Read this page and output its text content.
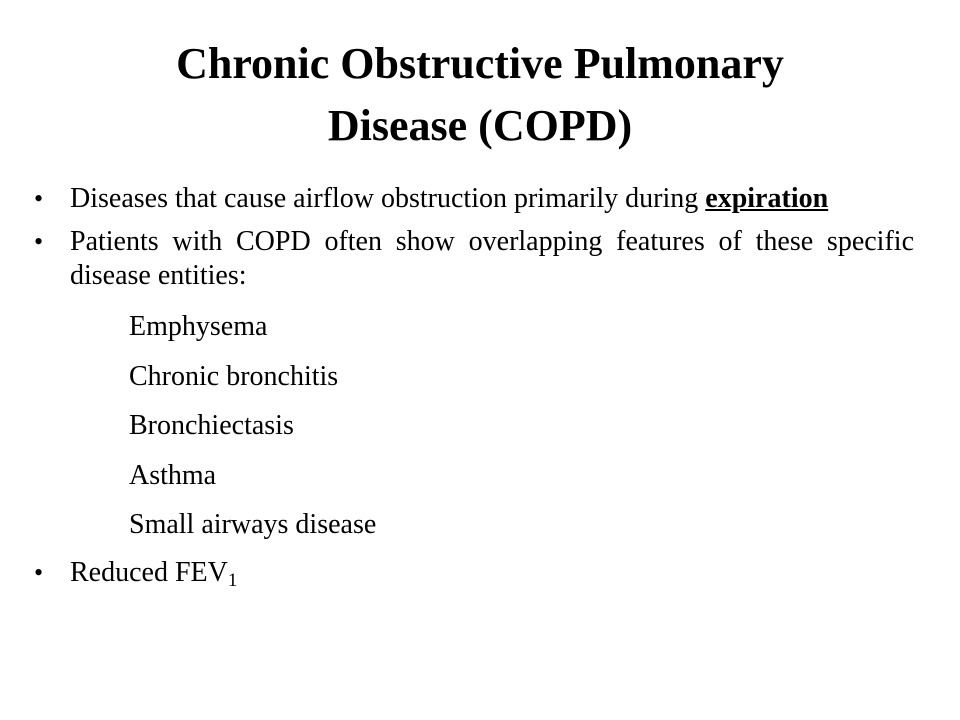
Chronic Obstructive Pulmonary
Disease (COPD)
• Diseases that cause airflow obstruction primarily during expiration
• Patients with COPD often show overlapping features of these specific disease entities:
Emphysema
Chronic bronchitis
Bronchiectasis
Asthma
Small airways disease
• Reduced $FEV_1$
